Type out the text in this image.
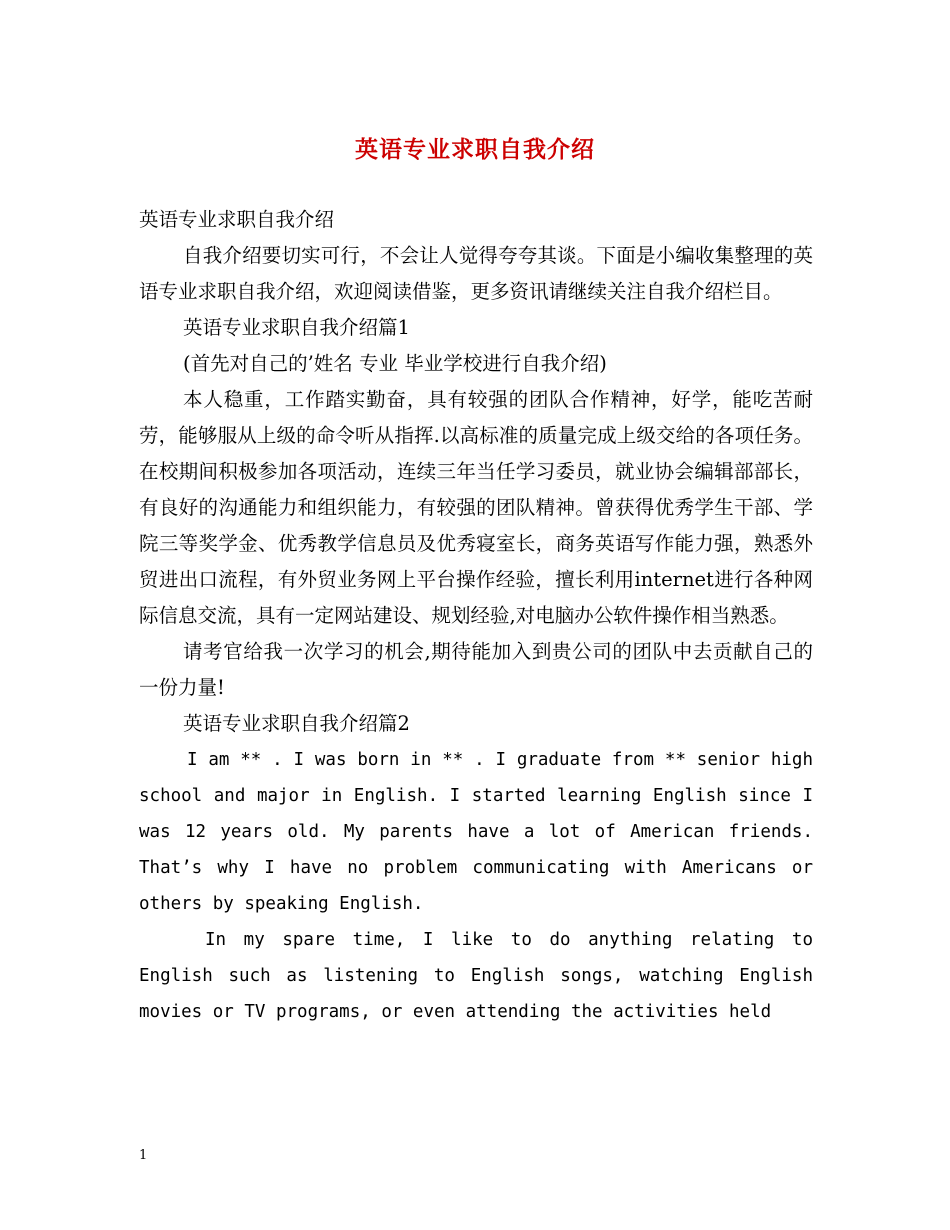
英语专业求职自我介绍

英语专业求职自我介绍

自我介绍要切实可行，不会让人觉得夸夸其谈。下面是小编收集整理的英语专业求职自我介绍，欢迎阅读借鉴，更多资讯请继续关注自我介绍栏目。

英语专业求职自我介绍篇1

(首先对自己的’姓名 专业 毕业学校进行自我介绍)

本人稳重，工作踏实勤奋，具有较强的团队合作精神，好学，能吃苦耐劳，能够服从上级的命令听从指挥.以高标准的质量完成上级交给的各项任务。在校期间积极参加各项活动，连续三年当任学习委员，就业协会编辑部部长，有良好的沟通能力和组织能力，有较强的团队精神。曾获得优秀学生干部、学院三等奖学金、优秀教学信息员及优秀寝室长，商务英语写作能力强，熟悉外贸进出口流程，有外贸业务网上平台操作经验，擅长利用internet进行各种网际信息交流，具有一定网站建设、规划经验,对电脑办公软件操作相当熟悉。

请考官给我一次学习的机会,期待能加入到贵公司的团队中去贡献自己的一份力量!

英语专业求职自我介绍篇2

I am ** . I was born in ** . I graduate from ** senior high school and major in English. I started learning English since I was 12 years old. My parents have a lot of American friends. That’s why I have no problem communicating with Americans or others by speaking English.

In my spare time, I like to do anything relating to English such as listening to English songs, watching English movies or TV programs, or even attending the activities held

1
